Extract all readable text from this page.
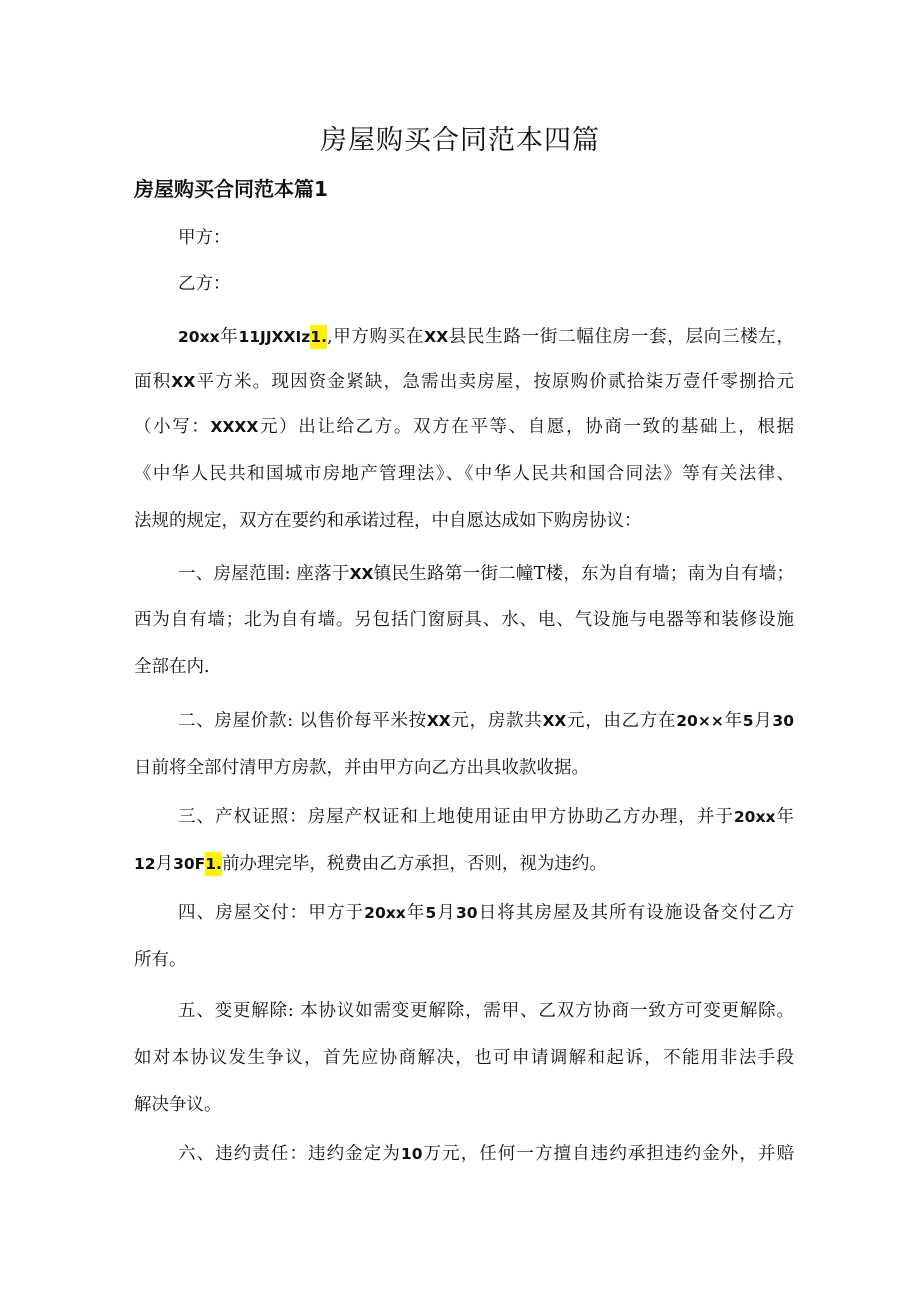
房屋购买合同范本四篇
房屋购买合同范本篇1
甲方：
乙方：
20xx年11JJXXIz1.,甲方购买在XX县民生路一街二幅住房一套，层向三楼左，
面积XX平方米。现因资金紧缺，急需出卖房屋，按原购价贰拾柒万壹仟零捌拾元
（小写：XXXX元）出让给乙方。双方在平等、自愿，协商一致的基础上，根据
《中华人民共和国城市房地产管理法》、《中华人民共和国合同法》等有关法律、
法规的规定，双方在要约和承诺过程，中自愿达成如下购房协议：
一、房屋范围: 座落于XX镇民生路第一街二幢T楼，东为自有墙；南为自有墙；
西为自有墙；北为自有墙。另包括门窗厨具、水、电、气设施与电器等和装修设施
全部在内.
二、房屋价款: 以售价每平米按XX元，房款共XX元，由乙方在20××年5月30
日前将全部付清甲方房款，并由甲方向乙方出具收款收据。
三、产权证照：房屋产权证和上地使用证由甲方协助乙方办理，并于20xx年
12月30F1.前办理完毕，税费由乙方承担，否则，视为违约。
四、房屋交付：甲方于20xx年5月30日将其房屋及其所有设施设备交付乙方
所有。
五、变更解除: 本协议如需变更解除，需甲、乙双方协商一致方可变更解除。
如对本协议发生争议，首先应协商解决，也可申请调解和起诉，不能用非法手段
解决争议。
六、违约责任：违约金定为10万元，任何一方擅自违约承担违约金外，并赔
